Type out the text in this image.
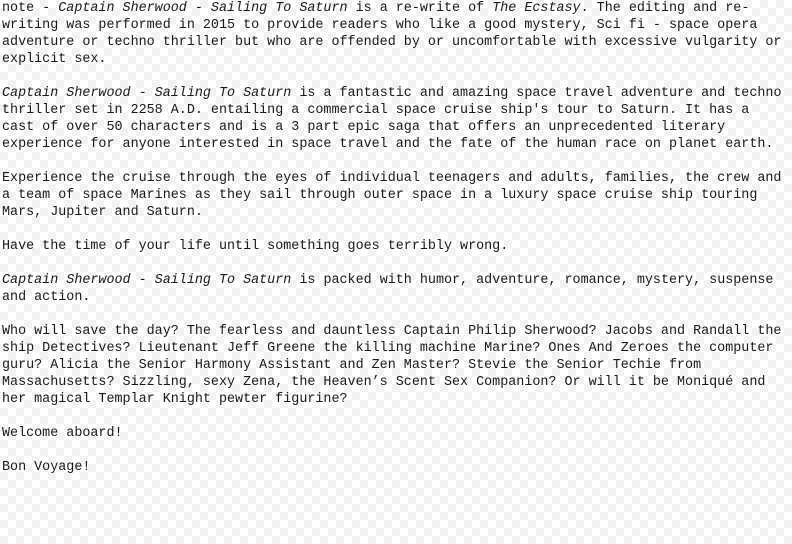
note - Captain Sherwood - Sailing To Saturn is a re-write of The Ecstasy. The editing and re-writing was performed in 2015 to provide readers who like a good mystery, Sci fi - space opera adventure or techno thriller but who are offended by or uncomfortable with excessive vulgarity or explicit sex.

Captain Sherwood - Sailing To Saturn is a fantastic and amazing space travel adventure and techno thriller set in 2258 A.D. entailing a commercial space cruise ship's tour to Saturn. It has a cast of over 50 characters and is a 3 part epic saga that offers an unprecedented literary experience for anyone interested in space travel and the fate of the human race on planet earth.

Experience the cruise through the eyes of individual teenagers and adults, families, the crew and a team of space Marines as they sail through outer space in a luxury space cruise ship touring Mars, Jupiter and Saturn.

Have the time of your life until something goes terribly wrong.

Captain Sherwood - Sailing To Saturn is packed with humor, adventure, romance, mystery, suspense and action.

Who will save the day? The fearless and dauntless Captain Philip Sherwood? Jacobs and Randall the ship Detectives? Lieutenant Jeff Greene the killing machine Marine? Ones And Zeroes the computer guru? Alicia the Senior Harmony Assistant and Zen Master? Stevie the Senior Techie from Massachusetts? Sizzling, sexy Zena, the Heaven’s Scent Sex Companion? Or will it be Moniqué and her magical Templar Knight pewter figurine?

Welcome aboard!

Bon Voyage!
